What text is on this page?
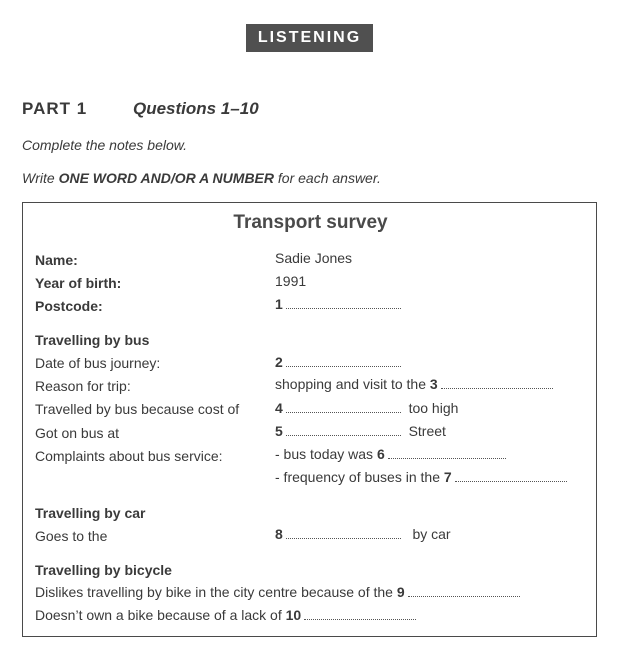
LISTENING
PART 1	Questions 1–10
Complete the notes below.
Write ONE WORD AND/OR A NUMBER for each answer.
Transport survey
Name:	Sadie Jones
Year of birth:	1991
Postcode:	1
Travelling by bus
Date of bus journey:	2
Reason for trip:	shopping and visit to the 3
Travelled by bus because cost of	4	too high
Got on bus at	5	Street
Complaints about bus service:	- bus today was 6
- frequency of buses in the 7
Travelling by car
Goes to the	8	by car
Travelling by bicycle
Dislikes travelling by bike in the city centre because of the 9
Doesn’t own a bike because of a lack of 10
